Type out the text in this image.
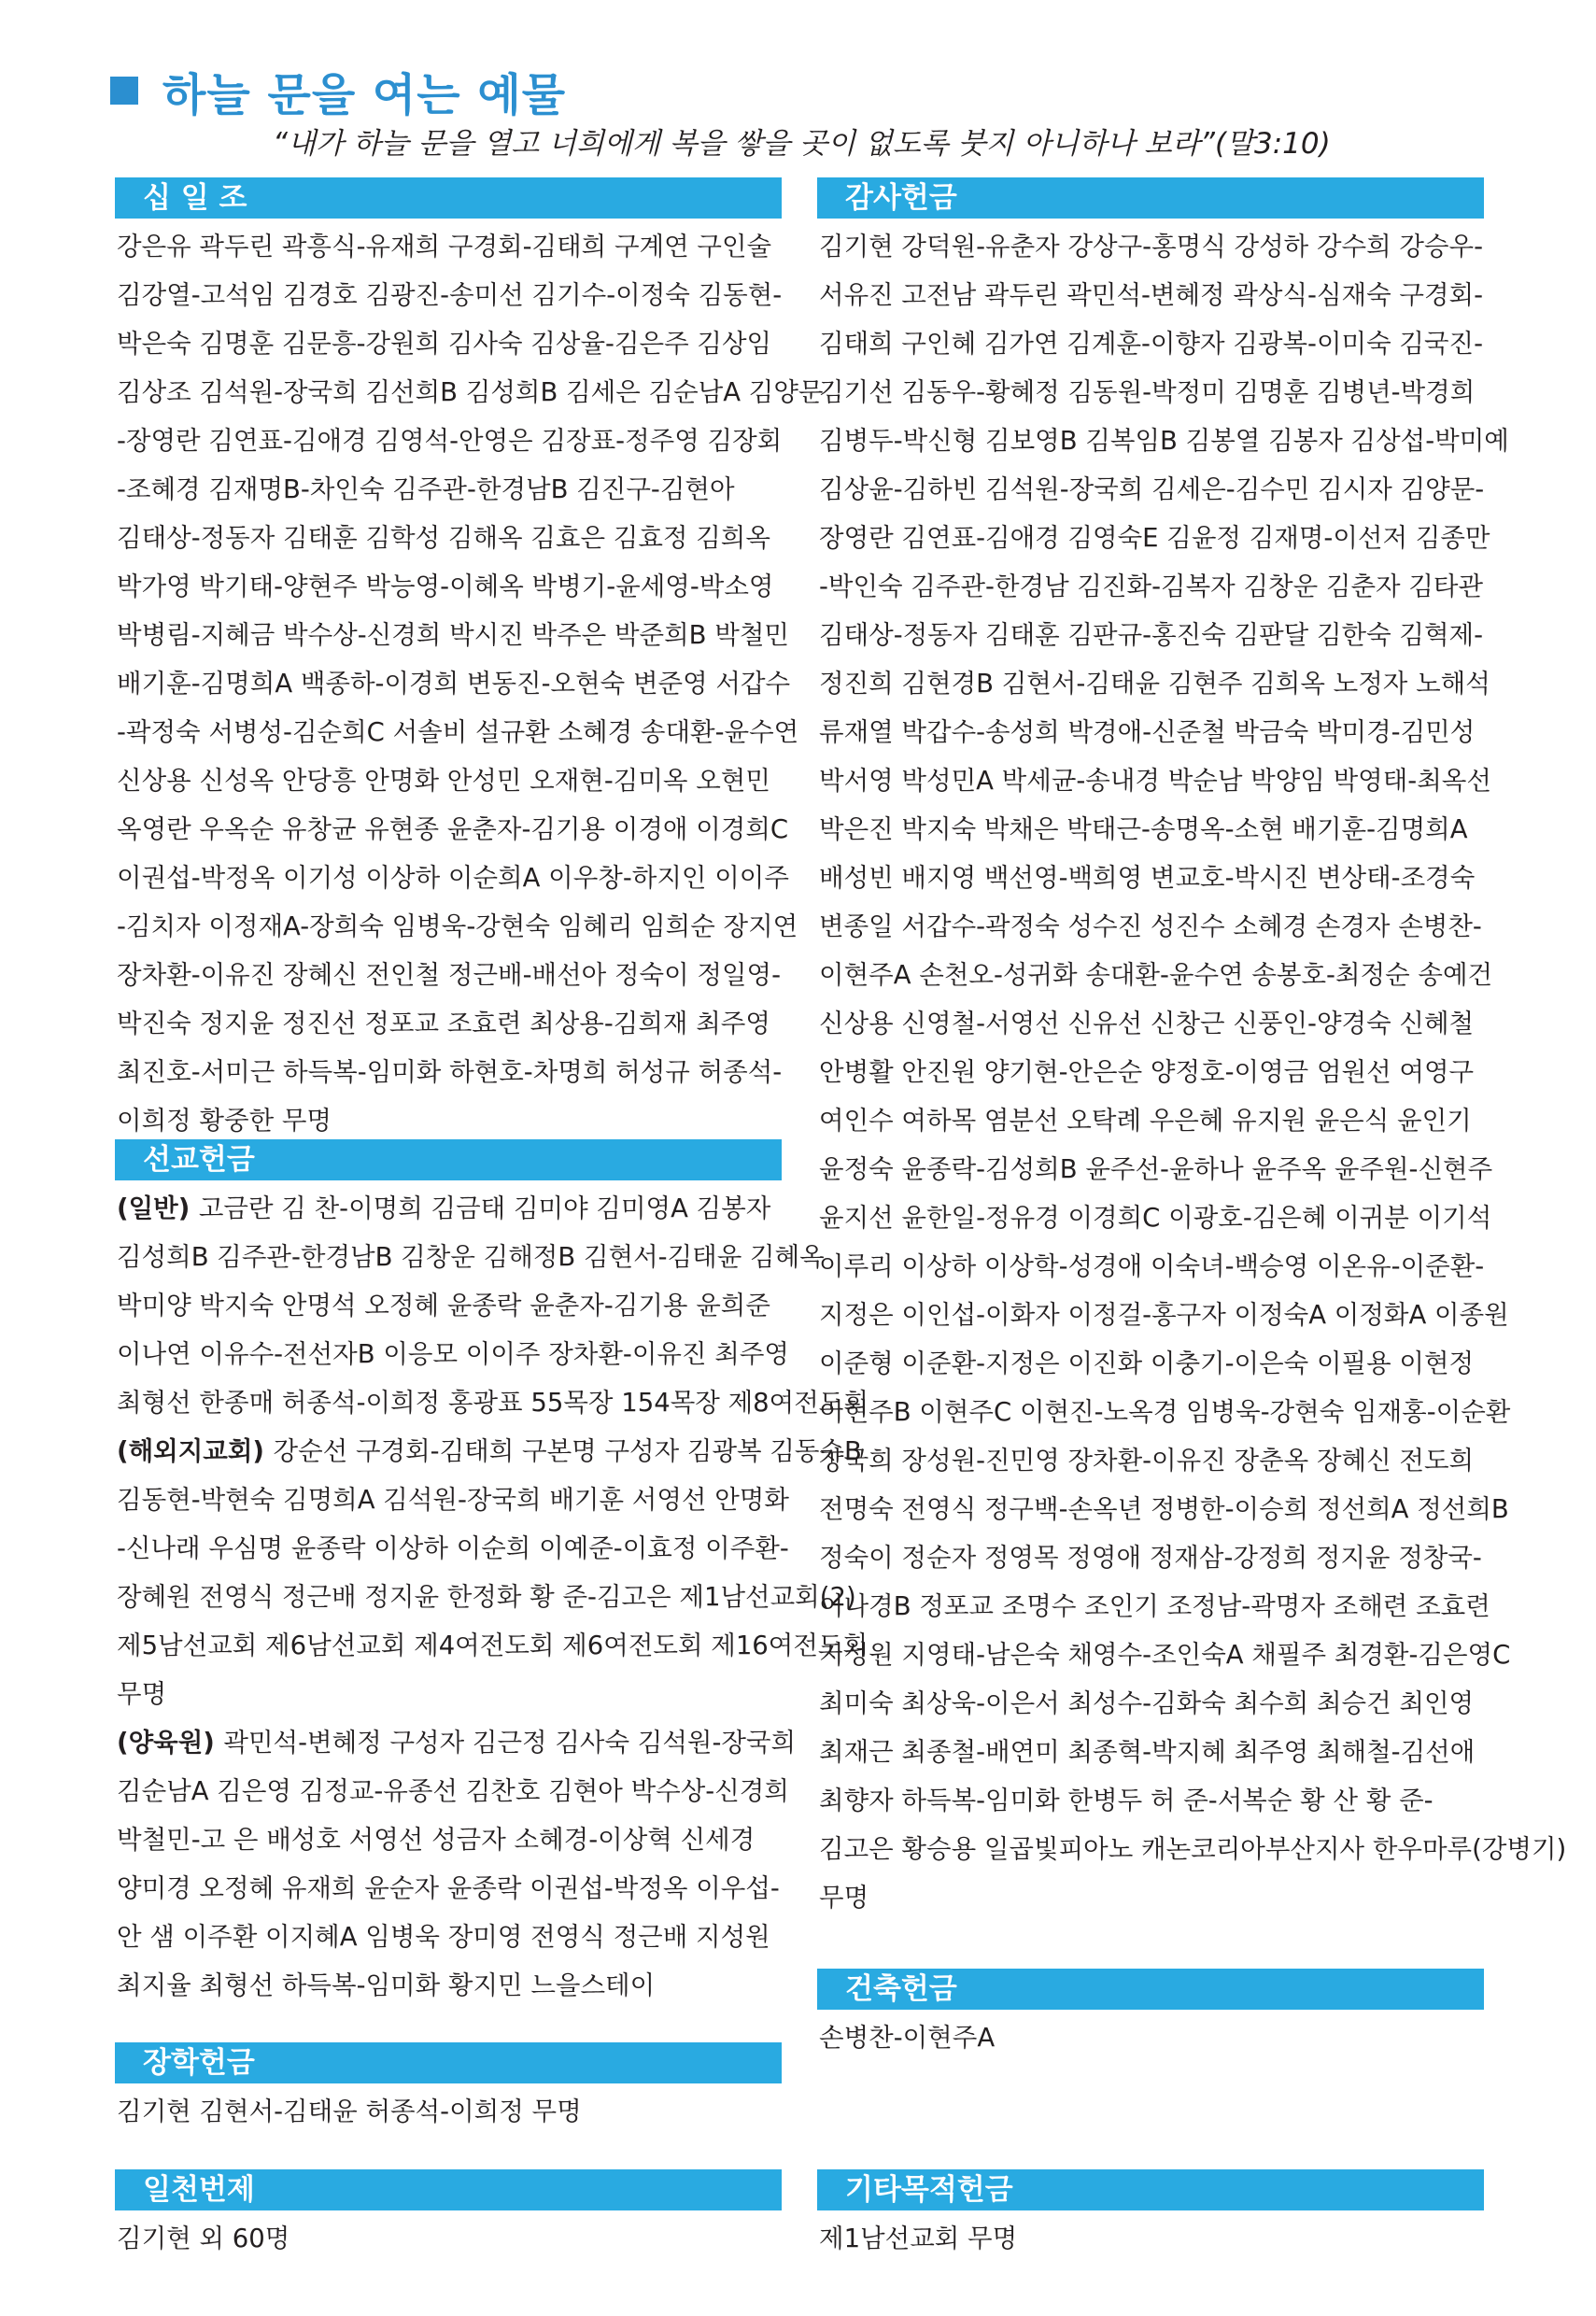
하늘 문을 여는 예물
“내가 하늘 문을 열고 너희에게 복을 쌓을 곳이 없도록 붓지 아니하나 보라”(말3:10)
십 일 조
강은유 곽두린 곽흥식-유재희 구경회-김태희 구계연 구인술
김강열-고석임 김경호 김광진-송미선 김기수-이정숙 김동현-
박은숙 김명훈 김문흥-강원희 김사숙 김상율-김은주 김상임
김상조 김석원-장국희 김선희B 김성희B 김세은 김순남A 김양문
-장영란 김연표-김애경 김영석-안영은 김장표-정주영 김장회
-조혜경 김재명B-차인숙 김주관-한경남B 김진구-김현아
김태상-정동자 김태훈 김학성 김해옥 김효은 김효정 김희옥
박가영 박기태-양현주 박능영-이혜옥 박병기-윤세영-박소영
박병림-지혜금 박수상-신경희 박시진 박주은 박준희B 박철민
배기훈-김명희A 백종하-이경희 변동진-오현숙 변준영 서갑수
-곽정숙 서병성-김순희C 서솔비 설규환 소혜경 송대환-윤수연
신상용 신성옥 안당흥 안명화 안성민 오재현-김미옥 오현민
옥영란 우옥순 유창균 유현종 윤춘자-김기용 이경애 이경희C
이권섭-박정옥 이기성 이상하 이순희A 이우창-하지인 이이주
-김치자 이정재A-장희숙 임병욱-강현숙 임혜리 임희순 장지연
장차환-이유진 장혜신 전인철 정근배-배선아 정숙이 정일영-
박진숙 정지윤 정진선 정포교 조효련 최상용-김희재 최주영
최진호-서미근 하득복-임미화 하현호-차명희 허성규 허종석-
이희정 황중한 무명
선교헌금
(일반) 고금란 김 찬-이명희 김금태 김미야 김미영A 김봉자
김성희B 김주관-한경남B 김창운 김해정B 김현서-김태윤 김혜옥
박미양 박지숙 안명석 오정혜 윤종락 윤춘자-김기용 윤희준
이나연 이유수-전선자B 이응모 이이주 장차환-이유진 최주영
최형선 한종매 허종석-이희정 홍광표 55목장 154목장 제8여전도회
(해외지교회) 강순선 구경회-김태희 구본명 구성자 김광복 김동수B
김동현-박현숙 김명희A 김석원-장국희 배기훈 서영선 안명화
-신나래 우심명 윤종락 이상하 이순희 이예준-이효정 이주환-
장혜원 전영식 정근배 정지윤 한정화 황 준-김고은 제1남선교회(2)
제5남선교회 제6남선교회 제4여전도회 제6여전도회 제16여전도회
무명
(양육원) 곽민석-변혜정 구성자 김근정 김사숙 김석원-장국희
김순남A 김은영 김정교-유종선 김찬호 김현아 박수상-신경희
박철민-고 은 배성호 서영선 성금자 소혜경-이상혁 신세경
양미경 오정혜 유재희 윤순자 윤종락 이권섭-박정옥 이우섭-
안 샘 이주환 이지혜A 임병욱 장미영 전영식 정근배 지성원
최지율 최형선 하득복-임미화 황지민 느을스테이
장학헌금
김기현 김현서-김태윤 허종석-이희정 무명
일천번제
김기현 외 60명
감사헌금
김기현 강덕원-유춘자 강상구-홍명식 강성하 강수희 강승우-
서유진 고전남 곽두린 곽민석-변혜정 곽상식-심재숙 구경회-
김태희 구인혜 김가연 김계훈-이향자 김광복-이미숙 김국진-
김기선 김동우-황혜정 김동원-박정미 김명훈 김병년-박경희
김병두-박신형 김보영B 김복임B 김봉열 김봉자 김상섭-박미예
김상윤-김하빈 김석원-장국희 김세은-김수민 김시자 김양문-
장영란 김연표-김애경 김영숙E 김윤정 김재명-이선저 김종만
-박인숙 김주관-한경남 김진화-김복자 김창운 김춘자 김타관
김태상-정동자 김태훈 김판규-홍진숙 김판달 김한숙 김혁제-
정진희 김현경B 김현서-김태윤 김현주 김희옥 노정자 노해석
류재열 박갑수-송성희 박경애-신준철 박금숙 박미경-김민성
박서영 박성민A 박세균-송내경 박순남 박양임 박영태-최옥선
박은진 박지숙 박채은 박태근-송명옥-소현 배기훈-김명희A
배성빈 배지영 백선영-백희영 변교호-박시진 변상태-조경숙
변종일 서갑수-곽정숙 성수진 성진수 소혜경 손경자 손병찬-
이현주A 손천오-성귀화 송대환-윤수연 송봉호-최정순 송예건
신상용 신영철-서영선 신유선 신창근 신풍인-양경숙 신혜철
안병활 안진원 양기현-안은순 양정호-이영금 엄원선 여영구
여인수 여하목 염분선 오탁례 우은혜 유지원 윤은식 윤인기
윤정숙 윤종락-김성희B 윤주선-윤하나 윤주옥 윤주원-신현주
윤지선 윤한일-정유경 이경희C 이광호-김은혜 이귀분 이기석
이루리 이상하 이상학-성경애 이숙녀-백승영 이온유-이준환-
지정은 이인섭-이화자 이정걸-홍구자 이정숙A 이정화A 이종원
이준형 이준환-지정은 이진화 이충기-이은숙 이필용 이현정
이현주B 이현주C 이현진-노옥경 임병욱-강현숙 임재홍-이순환
장국희 장성원-진민영 장차환-이유진 장춘옥 장혜신 전도희
전명숙 전영식 정구백-손옥년 정병한-이승희 정선희A 정선희B
정숙이 정순자 정영목 정영애 정재삼-강정희 정지윤 정창국-
이나경B 정포교 조명수 조인기 조정남-곽명자 조해련 조효련
지성원 지영태-남은숙 채영수-조인숙A 채필주 최경환-김은영C
최미숙 최상욱-이은서 최성수-김화숙 최수희 최승건 최인영
최재근 최종철-배연미 최종혁-박지혜 최주영 최해철-김선애
최향자 하득복-임미화 한병두 허 준-서복순 황 산 황 준-
김고은 황승용 일곱빛피아노 캐논코리아부산지사 한우마루(강병기)
무명
건축헌금
손병찬-이현주A
기타목적헌금
제1남선교회 무명
